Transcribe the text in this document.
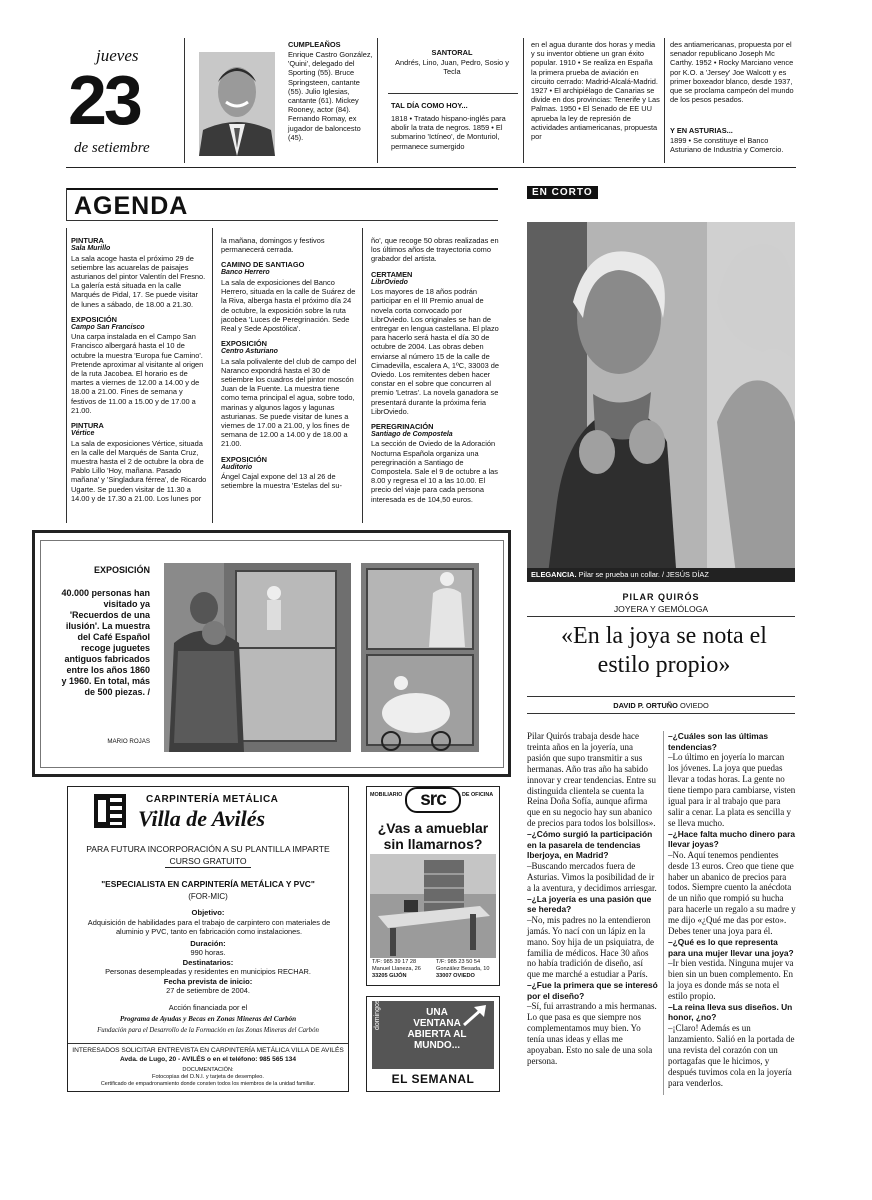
jueves
23
de setiembre
CUMPLEAÑOS
Enrique Castro González, 'Quini', delegado del Sporting (55). Bruce Springsteen, cantante (55). Julio Iglesias, cantante (61). Mickey Rooney, actor (84). Fernando Romay, ex jugador de baloncesto (45).
SANTORAL
Andrés, Lino, Juan, Pedro, Sosio y Tecla
TAL DÍA COMO HOY...
1818 • Tratado hispano-inglés para abolir la trata de negros. 1859 • El submarino 'Ictíneo', de Monturiol, permanece sumergido
en el agua durante dos horas y media y su inventor obtiene un gran éxito popular. 1910 • Se realiza en España la primera prueba de aviación en circuito cerrado: Madrid-Alcalá-Madrid. 1927 • El archipiélago de Canarias se divide en dos provincias: Tenerife y Las Palmas. 1950 • El Senado de EE UU aprueba la ley de represión de actividades antiamericanas, propuesta por
des antiamericanas, propuesta por el senador republicano Joseph Mc Carthy. 1952 • Rocky Marciano vence por K.O. a 'Jersey' Joe Walcott y es primer boxeador blanco, desde 1937, que se proclama campeón del mundo de los pesos pesados.
Y EN ASTURIAS...
1899 • Se constituye el Banco Asturiano de Industria y Comercio.
AGENDA
PINTURA
Sala Murillo
La sala acoge hasta el próximo 29 de setiembre las acuarelas de paisajes asturianos del pintor Valentín del Fresno. La galería está situada en la calle Marqués de Pidal, 17. Se puede visitar de lunes a sábado, de 18.00 a 21.30.
EXPOSICIÓN
Campo San Francisco
Una carpa instalada en el Campo San Francisco albergará hasta el 10 de octubre la muestra 'Europa fue Camino'. Pretende aproximar al visitante al origen de la ruta Jacobea. El horario es de martes a viernes de 12.00 a 14.00 y de 18.00 a 21.00. Fines de semana y festivos de 11.00 a 15.00 y de 17.00 a 21.00.
PINTURA
Vértice
La sala de exposiciones Vértice, situada en la calle del Marqués de Santa Cruz, muestra hasta el 2 de octubre la obra de Pablo Lillo 'Hoy, mañana. Pasado mañana' y 'Singladura férrea', de Ricardo Ugarte. Se pueden visitar de 11.30 a 14.00 y de 17.30 a 21.00. Los lunes por
la mañana, domingos y festivos permanecerá cerrada.
CAMINO DE SANTIAGO
Banco Herrero
La sala de exposiciones del Banco Herrero, situada en la calle de Suárez de la Riva, alberga hasta el próximo día 24 de octubre, la exposición sobre la ruta jacobea 'Luces de Peregrinación. Sede Real y Sede Apostólica'.
EXPOSICIÓN
Centro Asturiano
La sala polivalente del club de campo del Naranco expondrá hasta el 30 de setiembre los cuadros del pintor moscón Juan de la Fuente. La muestra tiene como tema principal el agua, sobre todo, marinas y algunos lagos y lagunas asturianas. Se puede visitar de lunes a viernes de 17.00 a 21.00, y los fines de semana de 12.00 a 14.00 y de 18.00 a 21.00.
EXPOSICIÓN
Auditorio
Ángel Cajal expone del 13 al 26 de setiembre la muestra 'Estelas del su-
ño', que recoge 50 obras realizadas en los últimos años de trayectoria como grabador del artista.
CERTAMEN
LibrOviedo
Los mayores de 18 años podrán participar en el III Premio anual de novela corta convocado por LibrOviedo. Los originales se han de entregar en lengua castellana. El plazo para hacerlo será hasta el día 30 de octubre de 2004. Las obras deben enviarse al número 15 de la calle de Cimadevilla, escalera A, 1ºC, 33003 de Oviedo. Los remitentes deben hacer constar en el sobre que concurren al premio 'Letras'. La novela ganadora se presentará durante la próxima feria LibrOviedo.
PEREGRINACIÓN
Santiago de Compostela
La sección de Oviedo de la Adoración Nocturna Española organiza una peregrinación a Santiago de Compostela. Sale el 9 de octubre a las 8.00 y regresa el 10 a las 10.00. El precio del viaje para cada persona interesada es de 104,50 euros.
EXPOSICIÓN
40.000 personas han visitado ya 'Recuerdos de una ilusión'. La muestra del Café Español recoge juguetes antiguos fabricados entre los años 1860 y 1960. En total, más de 500 piezas. /
MARIO ROJAS
CARPINTERÍA METÁLICA
Villa de Avilés
PARA FUTURA INCORPORACIÓN A SU PLANTILLA IMPARTE
CURSO GRATUITO
"ESPECIALISTA EN CARPINTERÍA METÁLICA Y PVC"
(FOR-MIC)
Objetivo:
Adquisición de habilidades para el trabajo de carpintero con materiales de aluminio y PVC, tanto en fabricación como instalaciones.
Duración:
990 horas.
Destinatarios:
Personas desempleadas y residentes en municipios RECHAR.
Fecha prevista de inicio:
27 de setiembre de 2004.
Acción financiada por el
Programa de Ayudas y Becas en Zonas Mineras del Carbón
Fundación para el Desarrollo de la Formación en las Zonas Mineras del Carbón
INTERESADOS SOLICITAR ENTREVISTA EN CARPINTERÍA METÁLICA VILLA DE AVILÉS
Avda. de Lugo, 20 - AVILÉS o en el teléfono: 985 565 134
DOCUMENTACIÓN:
Fotocopias del D.N.I. y tarjeta de desempleo.
Certificado de empadronamiento donde consten todos los miembros de la unidad familiar.
MOBILIARIO	DE OFICINA
src
¿Vas a amueblar
sin llamarnos?
T/F: 985 39 17 28
Manuel Llaneza, 26
33205 GIJÓN
T/F: 985 23 50 54
González Besada, 10
33007 OVIEDO
domingos	UNA
VENTANA
ABIERTA AL
MUNDO...
EL SEMANAL
EN CORTO
ELEGANCIA. Pilar se prueba un collar. / JESÚS DÍAZ
PILAR QUIRÓS
JOYERA Y GEMÓLOGA
«En la joya se nota el estilo propio»
DAVID P. ORTUÑO OVIEDO
Pilar Quirós trabaja desde hace treinta años en la joyería, una pasión que supo transmitir a sus hermanas. Año tras año ha sabido innovar y crear tendencias. Entre su distinguida clientela se cuenta la Reina Doña Sofía, aunque afirma que en su negocio hay sun abanico de precios para todos los bolsillos».
–¿Cómo surgió la participación en la pasarela de tendencias Iberjoya, en Madrid?
–Buscando mercados fuera de Asturias. Vimos la posibilidad de ir a la aventura, y decidimos arriesgar.
–¿La joyería es una pasión que se hereda?
–No, mis padres no la entendieron jamás. Yo nací con un lápiz en la mano. Soy hija de un psiquiatra, de familia de médicos. Hace 30 años no había tradición de diseño, así que me marché a estudiar a París.
–¿Fue la primera que se interesó por el diseño?
–Sí, fui arrastrando a mis hermanas. Lo que pasa es que siempre nos complementamos muy bien. Yo tenía unas ideas y ellas me apoyaban. Esto no sale de una sola persona.
–¿Cuáles son las últimas tendencias?
–Lo último en joyería lo marcan los jóvenes. La joya que puedas llevar a todas horas. La gente no tiene tiempo para cambiarse, visten igual para ir al trabajo que para salir a cenar. La plata es sencilla y se lleva mucho.
–¿Hace falta mucho dinero para llevar joyas?
–No. Aquí tenemos pendientes desde 13 euros. Creo que tiene que haber un abanico de precios para todos. Siempre cuento la anécdota de un niño que rompió su hucha para hacerle un regalo a su madre y me dijo «¿Qué me das por esto». Debes tener una joya para él.
–¿Qué es lo que representa para una mujer llevar una joya?
–Ir bien vestida. Ninguna mujer va bien sin un buen complemento. En la joya es donde más se nota el estilo propio.
–La reina lleva sus diseños. Un honor, ¿no?
–¡Claro! Además es un lanzamiento. Salió en la portada de una revista del corazón con un portagafas que le hicimos, y después tuvimos cola en la joyería para venderlos.
